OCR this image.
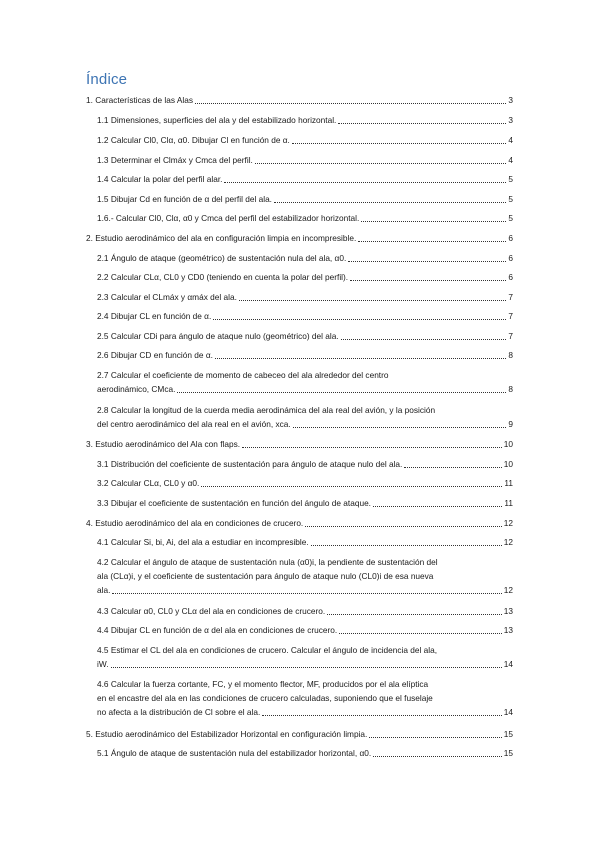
Índice
1. Características de las Alas	3
1.1 Dimensiones, superficies del ala y del estabilizado horizontal.	3
1.2 Calcular Cl0, Clα, α0. Dibujar Cl en función de α.	4
1.3 Determinar el Clmáx y Cmca del perfil.	4
1.4 Calcular la polar del perfil alar.	5
1.5 Dibujar Cd en función de α del perfil del ala.	5
1.6.- Calcular Cl0, Clα, α0 y Cmca del perfil del estabilizador horizontal.	5
2. Estudio aerodinámico del ala en configuración limpia en incompresible.	6
2.1 Ángulo de ataque (geométrico) de sustentación nula del ala, α0.	6
2.2 Calcular CLα, CL0 y CD0 (teniendo en cuenta la polar del perfil).	6
2.3 Calcular el CLmáx y αmáx del ala.	7
2.4 Dibujar CL en función de α.	7
2.5 Calcular CDi para ángulo de ataque nulo (geométrico) del ala.	7
2.6 Dibujar CD en función de α.	8
2.7 Calcular el coeficiente de momento de cabeceo del ala alrededor del centro
aerodinámico, CMca.	8
2.8 Calcular la longitud de la cuerda media aerodinámica del ala real del avión, y la posición
del centro aerodinámico del ala real en el avión, xca.	9
3. Estudio aerodinámico del Ala con flaps.	10
3.1 Distribución del coeficiente de sustentación para ángulo de ataque nulo del ala.	10
3.2 Calcular CLα, CL0 y α0.	11
3.3 Dibujar el coeficiente de sustentación en función del ángulo de ataque.	11
4. Estudio aerodinámico del ala en condiciones de crucero.	12
4.1 Calcular Si, bi, Ai, del ala a estudiar en incompresible.	12
4.2 Calcular el ángulo de ataque de sustentación nula (α0)i, la pendiente de sustentación del
ala (CLα)i, y el coeficiente de sustentación para ángulo de ataque nulo (CL0)i de esa nueva
ala.	12
4.3 Calcular α0, CL0 y CLα del ala en condiciones de crucero.	13
4.4 Dibujar CL en función de α del ala en condiciones de crucero.	13
4.5 Estimar el CL del ala en condiciones de crucero. Calcular el ángulo de incidencia del ala,
iW.	14
4.6 Calcular la fuerza cortante, FC, y el momento flector, MF, producidos por el ala elíptica
en el encastre del ala en las condiciones de crucero calculadas, suponiendo que el fuselaje
no afecta a la distribución de Cl sobre el ala.	14
5. Estudio aerodinámico del Estabilizador Horizontal en configuración limpia.	15
5.1 Ángulo de ataque de sustentación nula del estabilizador horizontal, α0.	15
